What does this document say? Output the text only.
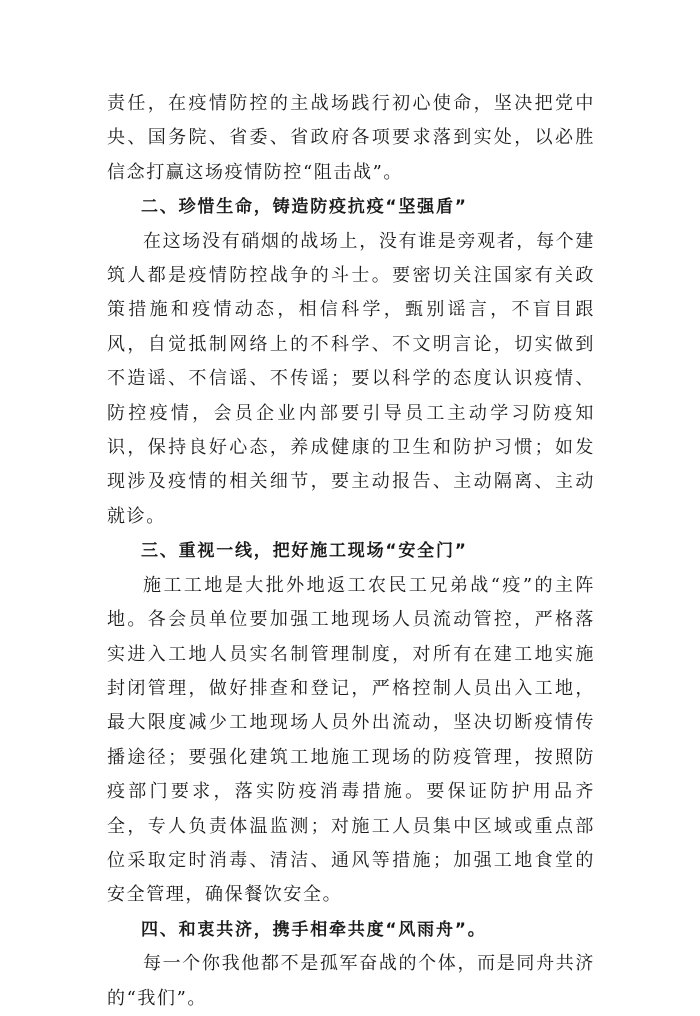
责任，在疫情防控的主战场践行初心使命，坚决把党中央、国务院、省委、省政府各项要求落到实处，以必胜信念打赢这场疫情防控“阻击战”。

二、珍惜生命，铸造防疫抗疫“坚强盾”

在这场没有硝烟的战场上，没有谁是旁观者，每个建筑人都是疫情防控战争的斗士。要密切关注国家有关政策措施和疫情动态，相信科学，甄别谣言，不盲目跟风，自觉抵制网络上的不科学、不文明言论，切实做到不造谣、不信谣、不传谣；要以科学的态度认识疫情、防控疫情，会员企业内部要引导员工主动学习防疫知识，保持良好心态，养成健康的卫生和防护习惯；如发现涉及疫情的相关细节，要主动报告、主动隔离、主动就诊。

三、重视一线，把好施工现场“安全门”

施工工地是大批外地返工农民工兄弟战“疫”的主阵地。各会员单位要加强工地现场人员流动管控，严格落实进入工地人员实名制管理制度，对所有在建工地实施封闭管理，做好排查和登记，严格控制人员出入工地，最大限度减少工地现场人员外出流动，坚决切断疫情传播途径；要强化建筑工地施工现场的防疫管理，按照防疫部门要求，落实防疫消毒措施。要保证防护用品齐全，专人负责体温监测；对施工人员集中区域或重点部位采取定时消毒、清洁、通风等措施；加强工地食堂的安全管理，确保餐饮安全。

四、和衷共济，携手相牵共度“风雨舟”。

每一个你我他都不是孤军奋战的个体，而是同舟共济的“我们”。
